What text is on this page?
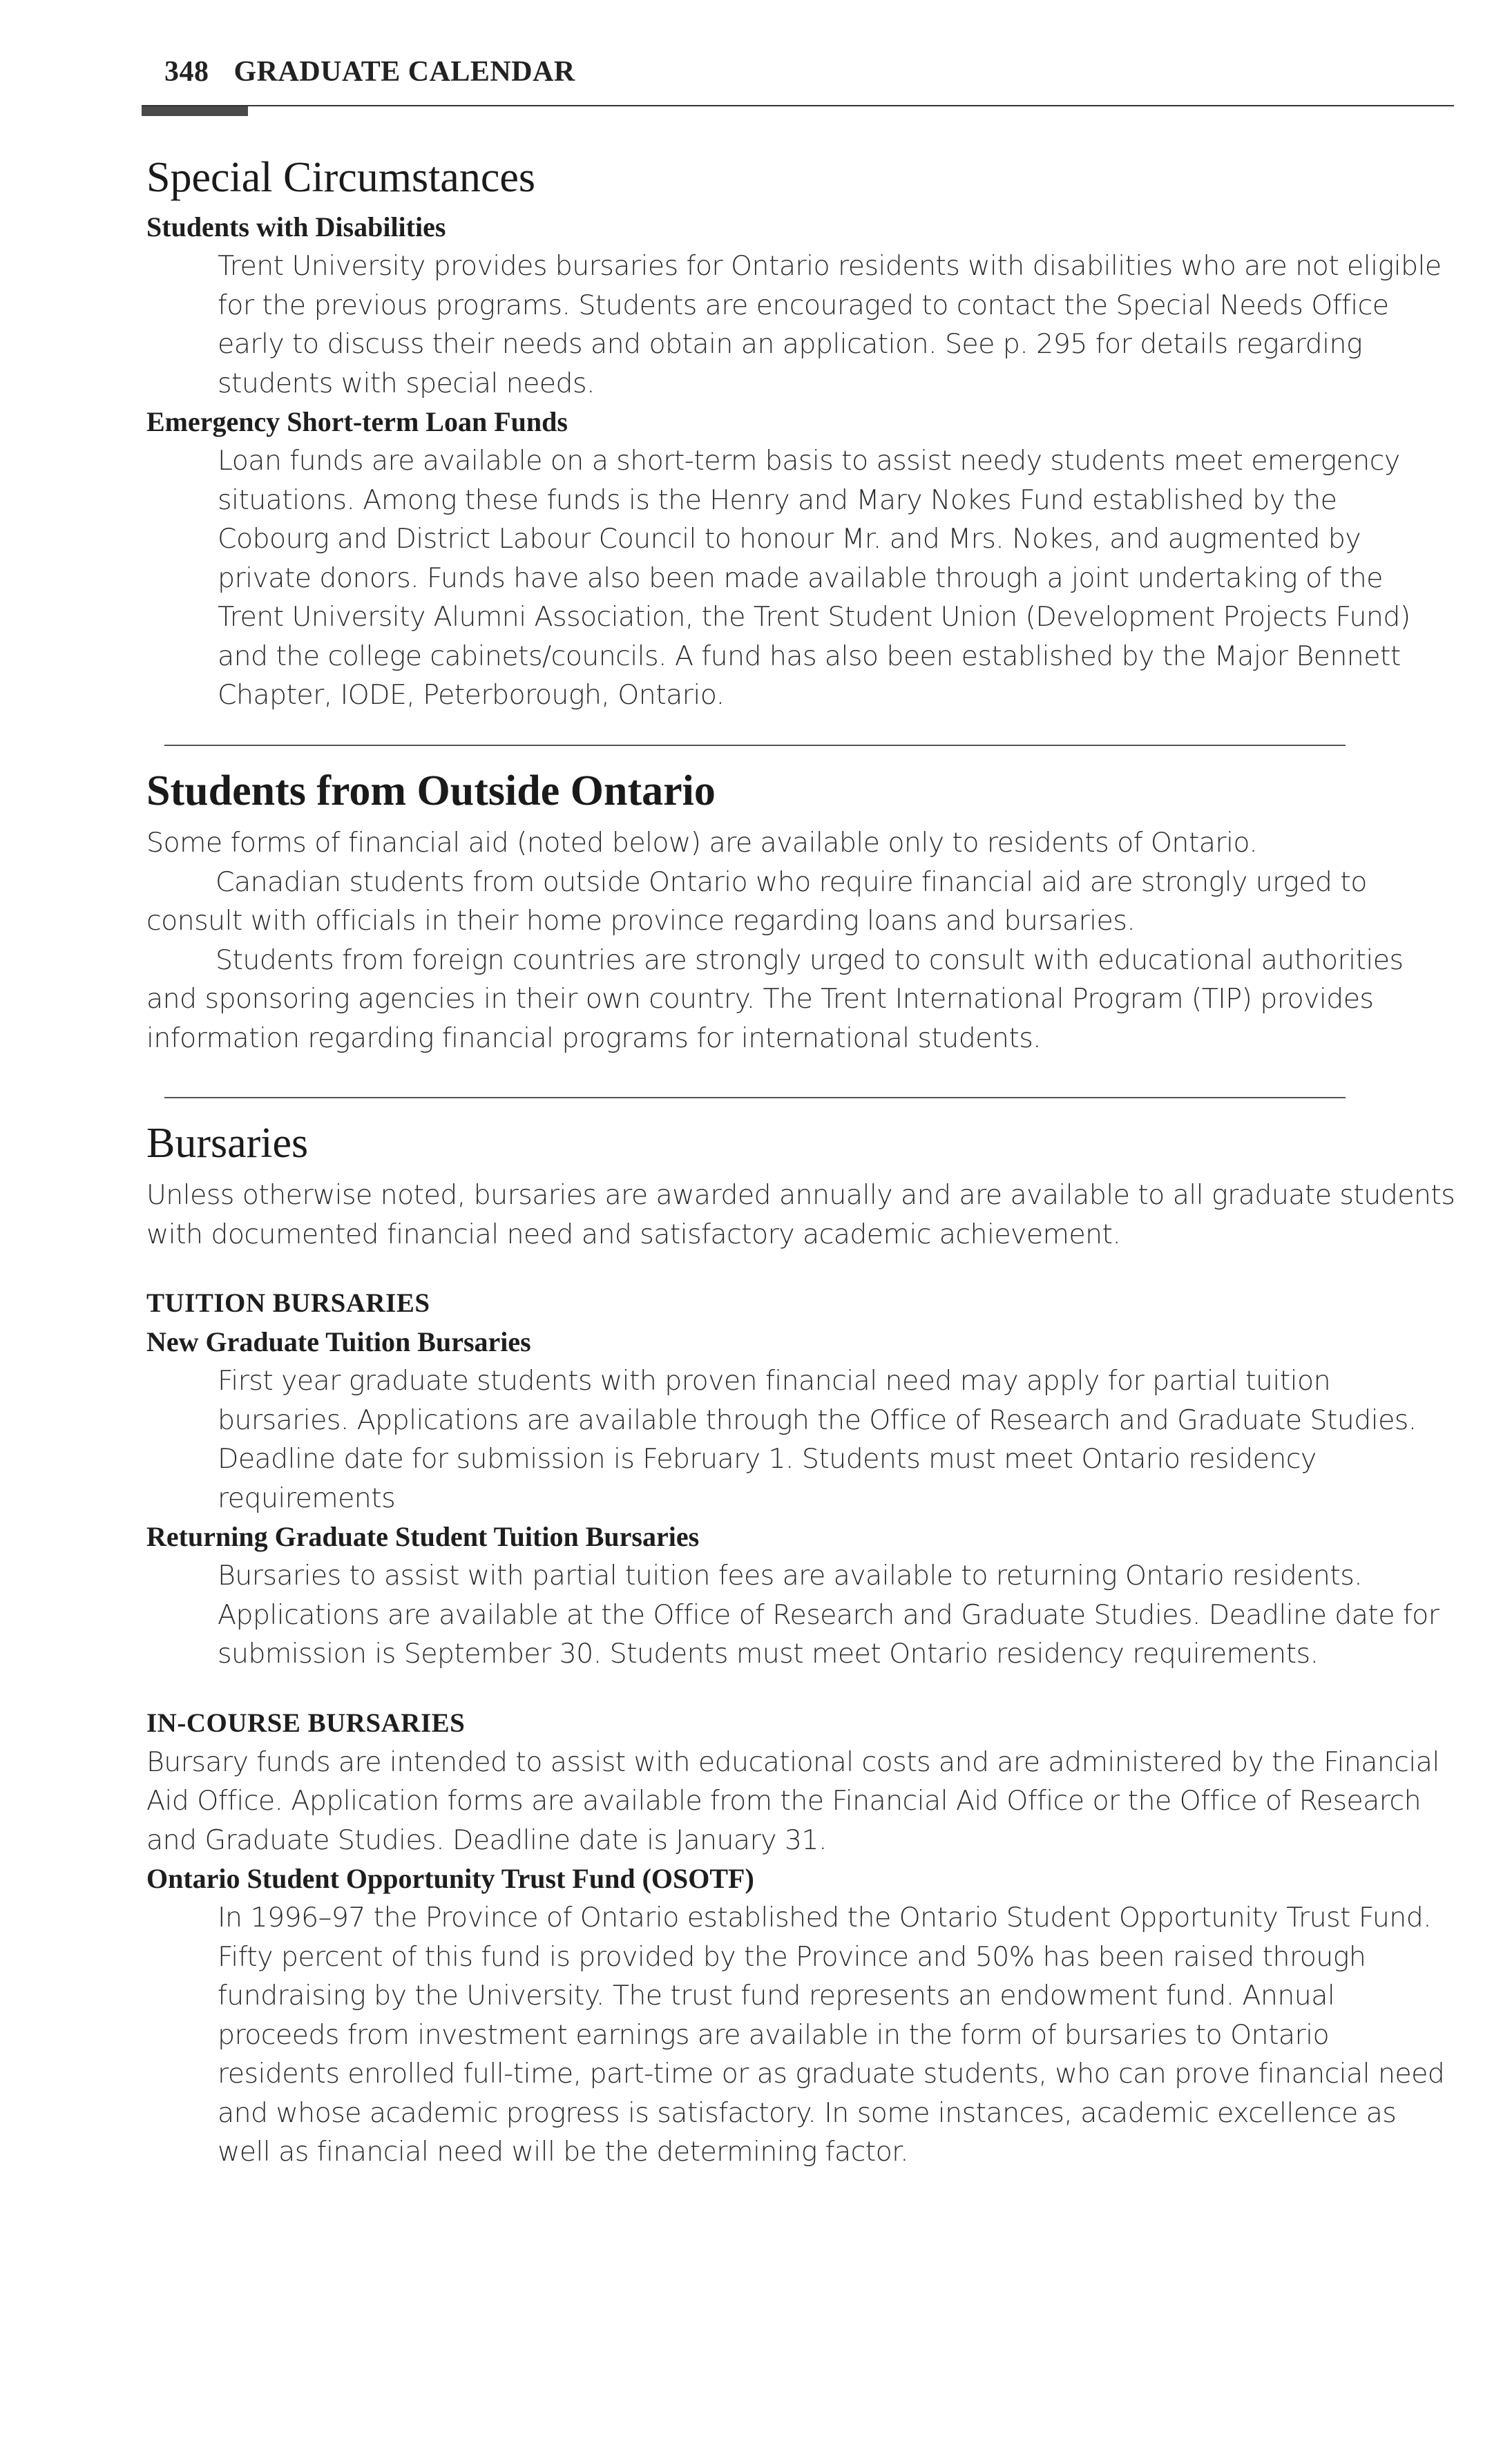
348 GRADUATE CALENDAR
Special Circumstances
Students with Disabilities

Trent University provides bursaries for Ontario residents with disabilities who are not eligible for the previous programs. Students are encouraged to contact the Special Needs Office early to discuss their needs and obtain an application. See p. 295 for details regarding students with special needs.

Emergency Short-term Loan Funds

Loan funds are available on a short-term basis to assist needy students meet emergency situations. Among these funds is the Henry and Mary Nokes Fund established by the Cobourg and District Labour Council to honour Mr. and Mrs. Nokes, and augmented by private donors. Funds have also been made available through a joint undertaking of the Trent University Alumni Association, the Trent Student Union (Development Projects Fund) and the college cabinets/councils. A fund has also been established by the Major Bennett Chapter, IODE, Peterborough, Ontario.

Students from Outside Ontario

Some forms of financial aid (noted below) are available only to residents of Ontario.

Canadian students from outside Ontario who require financial aid are strongly urged to consult with officials in their home province regarding loans and bursaries.

Students from foreign countries are strongly urged to consult with educational authorities and sponsoring agencies in their own country. The Trent International Program (TIP) provides information regarding financial programs for international students.

Bursaries

Unless otherwise noted, bursaries are awarded annually and are available to all graduate students with documented financial need and satisfactory academic achievement.

TUITION BURSARIES
New Graduate Tuition Bursaries

First year graduate students with proven financial need may apply for partial tuition bursaries. Applications are available through the Office of Research and Graduate Studies. Deadline date for submission is February 1. Students must meet Ontario residency requirements

Returning Graduate Student Tuition Bursaries

Bursaries to assist with partial tuition fees are available to returning Ontario residents. Applications are available at the Office of Research and Graduate Studies. Deadline date for submission is September 30. Students must meet Ontario residency requirements.

IN-COURSE BURSARIES

Bursary funds are intended to assist with educational costs and are administered by the Financial Aid Office. Application forms are available from the Financial Aid Office or the Office of Research and Graduate Studies. Deadline date is January 31.

Ontario Student Opportunity Trust Fund (OSOTF)

In 1996–97 the Province of Ontario established the Ontario Student Opportunity Trust Fund. Fifty percent of this fund is provided by the Province and 50% has been raised through fundraising by the University. The trust fund represents an endowment fund. Annual proceeds from investment earnings are available in the form of bursaries to Ontario residents enrolled full-time, part-time or as graduate students, who can prove financial need and whose academic progress is satisfactory. In some instances, academic excellence as well as financial need will be the determining factor.
